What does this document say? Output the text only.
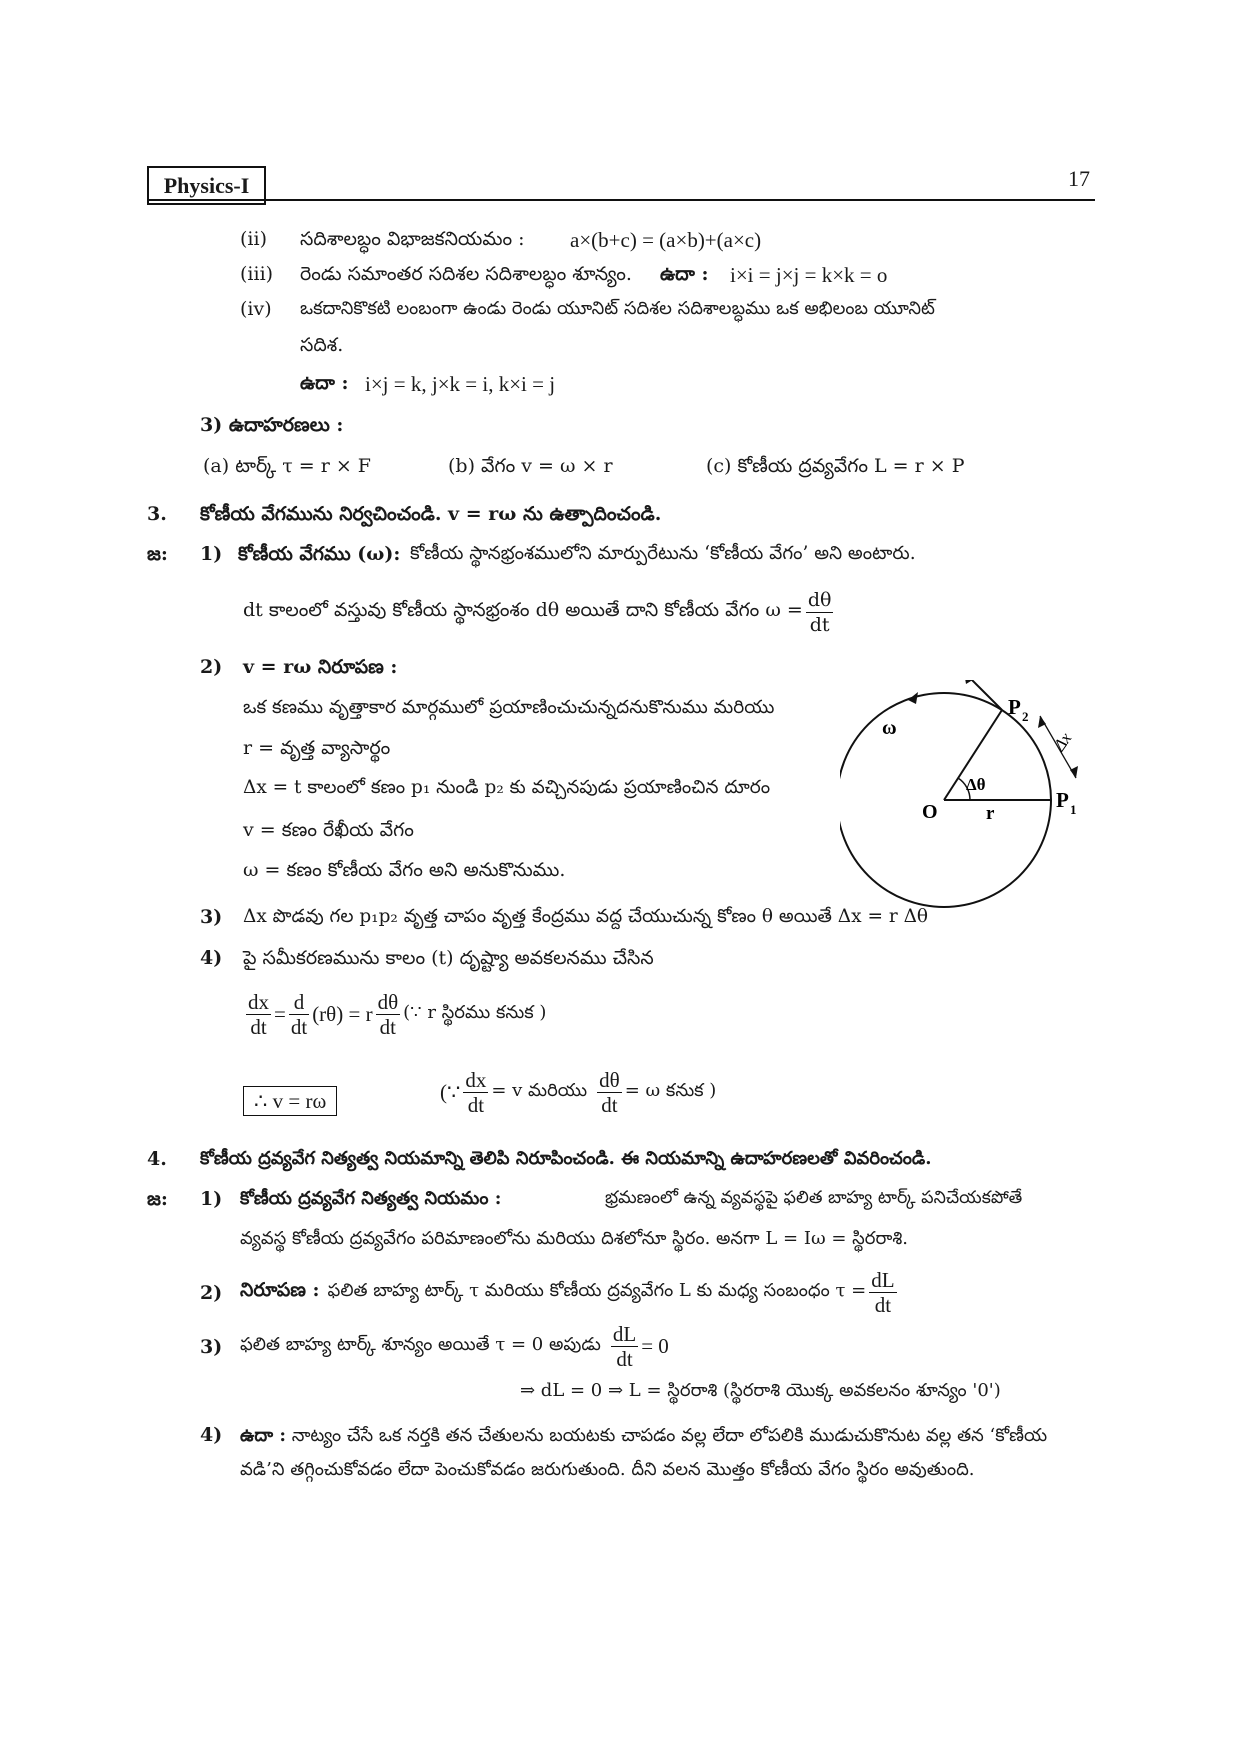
Physics-I	17
(ii) సదిశాలబ్ధం విభాజకనియమం : a×(b+c) = (a×b)+(a×c)
(iii) రెండు సమాంతర సదిశల సదిశాలబ్ధం శూన్యం. ఉదా : i×i = j×j = k×k = o
(iv) ఒకదానికొకటి లంబంగా ఉండు రెండు యూనిట్ సదిశల సదిశాలబ్ధము ఒక అభిలంబ యూనిట్
సదిశ.
ఉదా : i×j = k, j×k = i, k×i = j
3) ఉదాహరణలు :
(a) టార్క్ τ = r × F	(b) వేగం v = ω × r	(c) కోణీయ ద్రవ్యవేగం L = r × P
3. కోణీయ వేగమును నిర్వచించండి. v = rω ను ఉత్పాదించండి.
జ: 1) కోణీయ వేగము (ω): కోణీయ స్థానభ్రంశములోని మార్పురేటును ‘కోణీయ వేగం’ అని అంటారు.
dt కాలంలో వస్తువు కోణీయ స్థానభ్రంశం dθ అయితే దాని కోణీయ వేగం $\omega = \frac{d\theta}{dt}$
2) v = rω నిరూపణ :
ఒక కణము వృత్తాకార మార్గములో ప్రయాణించుచున్నదనుకొనుము మరియు
r = వృత్త వ్యాసార్థం
Δx = t కాలంలో కణం p₁ నుండి p₂ కు వచ్చినపుడు ప్రయాణించిన దూరం
v = కణం రేఖీయ వేగం
ω = కణం కోణీయ వేగం అని అనుకొనుము.
ω
Δθ
O	r
P 1
P 2
Δx
3) Δx పొడవు గల p₁p₂ వృత్త చాపం వృత్త కేంద్రము వద్ద చేయుచున్న కోణం θ అయితే Δx = r Δθ
4) పై సమీకరణమును కాలం (t) దృష్ట్యా అవకలనము చేసిన
$\frac{dx}{dt} = \frac{d}{dt} (r\theta) = r \frac{d\theta}{dt}$ (∵ r స్థిరము కనుక )
∴ v = rω	(∵ $\frac{dx}{dt} = v$ మరియు $\frac{d\theta}{dt} = \omega$ కనుక )
4. కోణీయ ద్రవ్యవేగ నిత్యత్వ నియమాన్ని తెలిపి నిరూపించండి. ఈ నియమాన్ని ఉదాహరణలతో వివరించండి.
జ: 1) కోణీయ ద్రవ్యవేగ నిత్యత్వ నియమం :	భ్రమణంలో ఉన్న వ్యవస్థపై ఫలిత బాహ్య టార్క్ పనిచేయకపోతే
వ్యవస్థ కోణీయ ద్రవ్యవేగం పరిమాణంలోను మరియు దిశలోనూ స్థిరం. అనగా L = Iω = స్థిరరాశి.
2) నిరూపణ : ఫలిత బాహ్య టార్క్ τ మరియు కోణీయ ద్రవ్యవేగం L కు మధ్య సంబంధం $\tau = \frac{dL}{dt}$
3) ఫలిత బాహ్య టార్క్ శూన్యం అయితే τ = 0 అపుడు $\frac{dL}{dt} = 0$
⇒ dL = 0 ⇒ L = స్థిరరాశి (స్థిరరాశి యొక్క అవకలనం శూన్యం '0')
4) ఉదా : నాట్యం చేసే ఒక నర్తకి తన చేతులను బయటకు చాపడం వల్ల లేదా లోపలికి ముడుచుకొనుట వల్ల తన ‘కోణీయ వడి’ని తగ్గించుకోవడం లేదా పెంచుకోవడం జరుగుతుంది. దీని వలన మొత్తం కోణీయ వేగం స్థిరం అవుతుంది.
